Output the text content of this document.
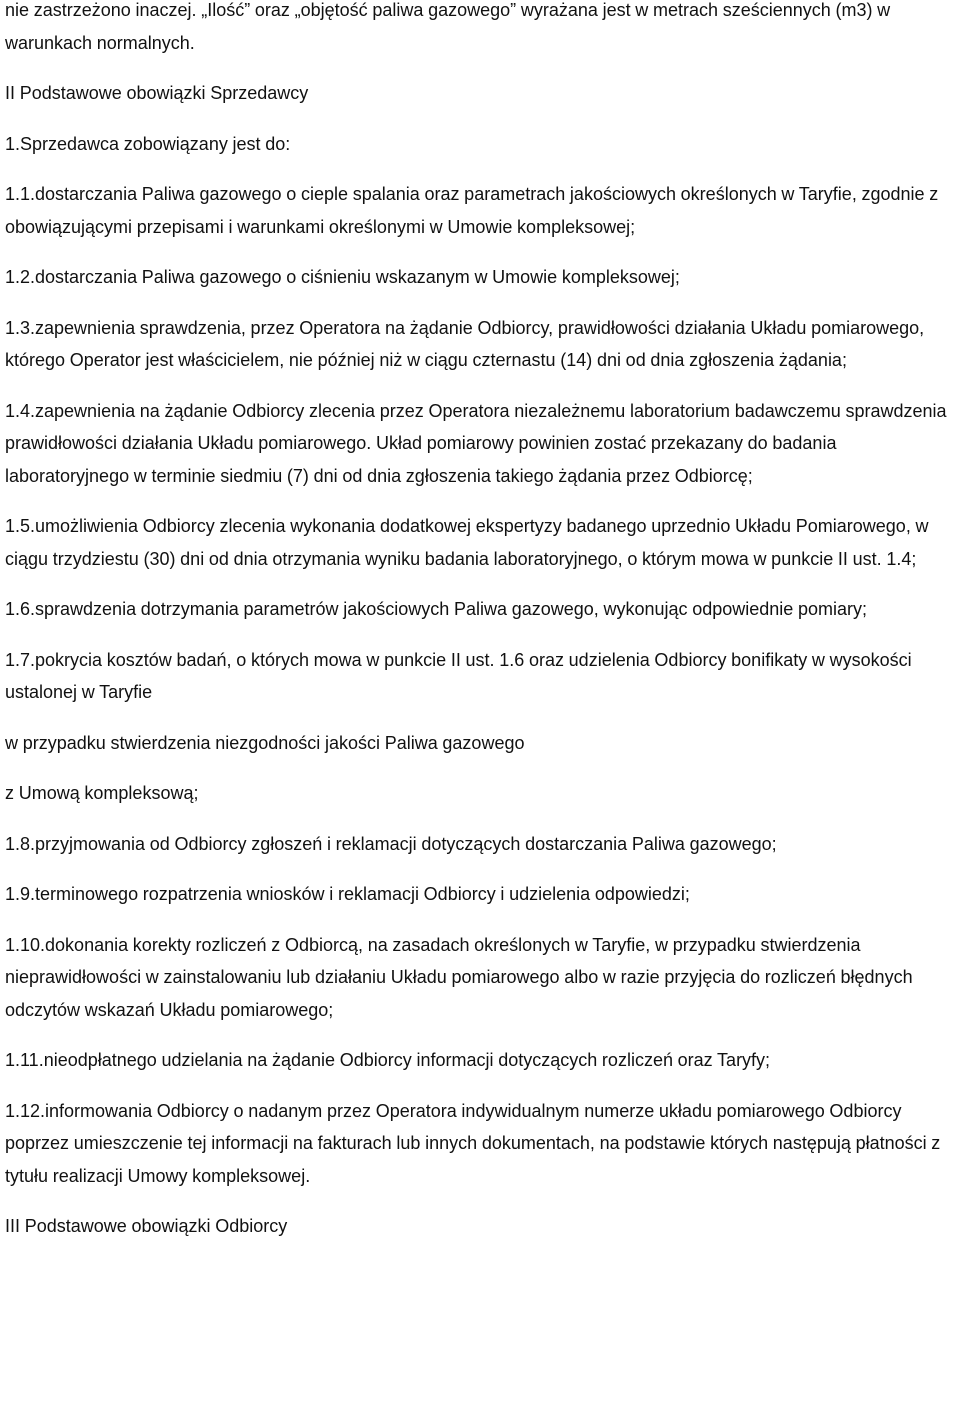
nie zastrzeżono inaczej. „Ilość” oraz „objętość paliwa gazowego” wyrażana jest w metrach sześciennych (m3) w warunkach normalnych.

II Podstawowe obowiązki Sprzedawcy

1.Sprzedawca zobowiązany jest do:

1.1.dostarczania Paliwa gazowego o cieple spalania oraz parametrach jakościowych określonych w Taryfie, zgodnie z obowiązującymi przepisami i warunkami określonymi w Umowie kompleksowej;

1.2.dostarczania Paliwa gazowego o ciśnieniu wskazanym w Umowie kompleksowej;

1.3.zapewnienia sprawdzenia, przez Operatora na żądanie Odbiorcy, prawidłowości działania Układu pomiarowego, którego Operator jest właścicielem, nie później niż w ciągu czternastu (14) dni od dnia zgłoszenia żądania;

1.4.zapewnienia na żądanie Odbiorcy zlecenia przez Operatora niezależnemu laboratorium badawczemu sprawdzenia prawidłowości działania Układu pomiarowego. Układ pomiarowy powinien zostać przekazany do badania laboratoryjnego w terminie siedmiu (7) dni od dnia zgłoszenia takiego żądania przez Odbiorcę;

1.5.umożliwienia Odbiorcy zlecenia wykonania dodatkowej ekspertyzy badanego uprzednio Układu Pomiarowego, w ciągu trzydziestu (30) dni od dnia otrzymania wyniku badania laboratoryjnego, o którym mowa w punkcie II ust. 1.4;

1.6.sprawdzenia dotrzymania parametrów jakościowych Paliwa gazowego, wykonując odpowiednie pomiary;

1.7.pokrycia kosztów badań, o których mowa w punkcie II ust. 1.6 oraz udzielenia Odbiorcy bonifikaty w wysokości ustalonej w Taryfie

w przypadku stwierdzenia niezgodności jakości Paliwa gazowego

z Umową kompleksową;

1.8.przyjmowania od Odbiorcy zgłoszeń i reklamacji dotyczących dostarczania Paliwa gazowego;

1.9.terminowego rozpatrzenia wniosków i reklamacji Odbiorcy i udzielenia odpowiedzi;

1.10.dokonania korekty rozliczeń z Odbiorcą, na zasadach określonych w Taryfie, w przypadku stwierdzenia nieprawidłowości w zainstalowaniu lub działaniu Układu pomiarowego albo w razie przyjęcia do rozliczeń błędnych odczytów wskazań Układu pomiarowego;

1.11.nieodpłatnego udzielania na żądanie Odbiorcy informacji dotyczących rozliczeń oraz Taryfy;

1.12.informowania Odbiorcy o nadanym przez Operatora indywidualnym numerze układu pomiarowego Odbiorcy poprzez umieszczenie tej informacji na fakturach lub innych dokumentach, na podstawie których następują płatności z tytułu realizacji Umowy kompleksowej.

III Podstawowe obowiązki Odbiorcy
